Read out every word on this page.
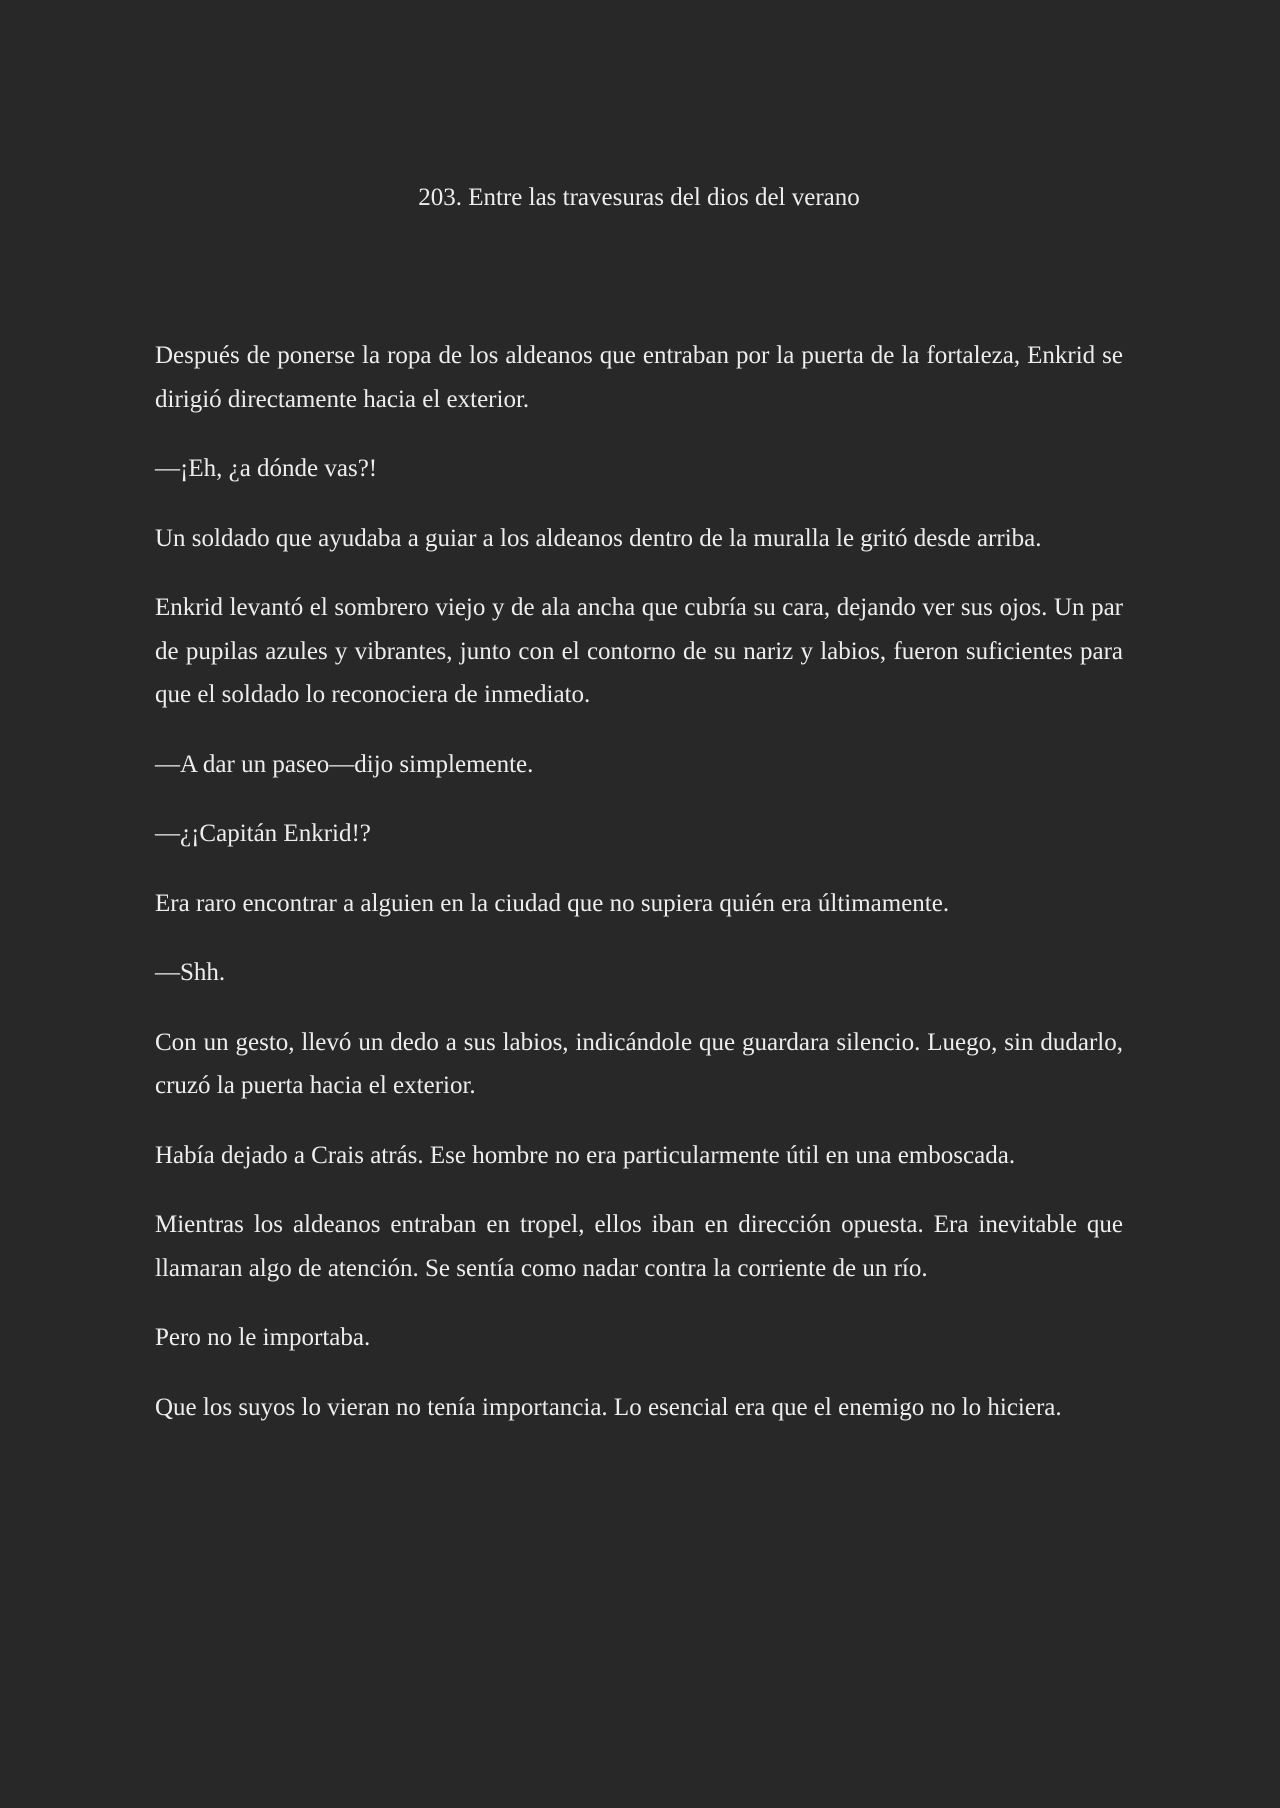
203. Entre las travesuras del dios del verano

Después de ponerse la ropa de los aldeanos que entraban por la puerta de la fortaleza, Enkrid se dirigió directamente hacia el exterior.

—¡Eh, ¿a dónde vas?!

Un soldado que ayudaba a guiar a los aldeanos dentro de la muralla le gritó desde arriba.

Enkrid levantó el sombrero viejo y de ala ancha que cubría su cara, dejando ver sus ojos. Un par de pupilas azules y vibrantes, junto con el contorno de su nariz y labios, fueron suficientes para que el soldado lo reconociera de inmediato.

—A dar un paseo—dijo simplemente.

—¿¡Capitán Enkrid!?

Era raro encontrar a alguien en la ciudad que no supiera quién era últimamente.

—Shh.

Con un gesto, llevó un dedo a sus labios, indicándole que guardara silencio. Luego, sin dudarlo, cruzó la puerta hacia el exterior.

Había dejado a Crais atrás. Ese hombre no era particularmente útil en una emboscada.

Mientras los aldeanos entraban en tropel, ellos iban en dirección opuesta. Era inevitable que llamaran algo de atención. Se sentía como nadar contra la corriente de un río.

Pero no le importaba.

Que los suyos lo vieran no tenía importancia. Lo esencial era que el enemigo no lo hiciera.
